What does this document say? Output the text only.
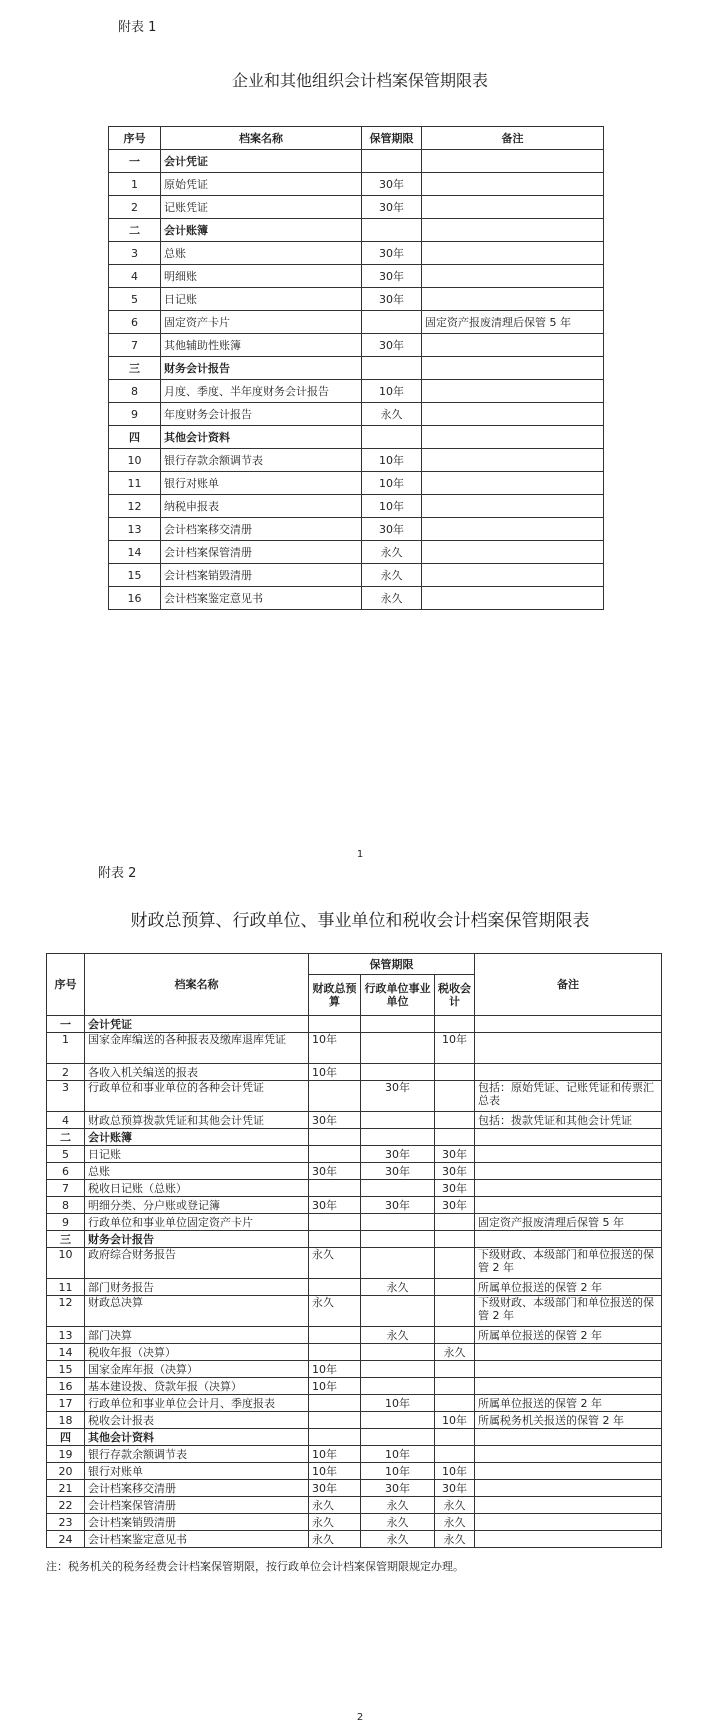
附表 1
企业和其他组织会计档案保管期限表
序号	档案名称	保管期限	备注
一	会计凭证		
1	原始凭证	30年	
2	记账凭证	30年	
二	会计账簿		
3	总账	30年	
4	明细账	30年	
5	日记账	30年	
6	固定资产卡片		固定资产报废清理后保管 5 年
7	其他辅助性账簿	30年	
三	财务会计报告		
8	月度、季度、半年度财务会计报告	10年	
9	年度财务会计报告	永久	
四	其他会计资料		
10	银行存款余额调节表	10年	
11	银行对账单	10年	
12	纳税申报表	10年	
13	会计档案移交清册	30年	
14	会计档案保管清册	永久	
15	会计档案销毁清册	永久	
16	会计档案鉴定意见书	永久	
1
附表 2
财政总预算、行政单位、事业单位和税收会计档案保管期限表
序号	档案名称	保管期限			备注
		财政总预算	行政单位事业单位	税收会计	
一	会计凭证				
1	国家金库编送的各种报表及缴库退库凭证	10年		10年	
2	各收入机关编送的报表	10年			
3	行政单位和事业单位的各种会计凭证		30年		包括：原始凭证、记账凭证和传票汇总表
4	财政总预算拨款凭证和其他会计凭证	30年			包括：拨款凭证和其他会计凭证
二	会计账簿				
5	日记账		30年	30年	
6	总账	30年	30年	30年	
7	税收日记账（总账）			30年	
8	明细分类、分户账或登记簿	30年	30年	30年	
9	行政单位和事业单位固定资产卡片				固定资产报废清理后保管 5 年
三	财务会计报告				
10	政府综合财务报告	永久			下级财政、本级部门和单位报送的保管 2 年
11	部门财务报告		永久		所属单位报送的保管 2 年
12	财政总决算	永久			下级财政、本级部门和单位报送的保管 2 年
13	部门决算		永久		所属单位报送的保管 2 年
14	税收年报（决算）			永久	
15	国家金库年报（决算）	10年			
16	基本建设拨、贷款年报（决算）	10年			
17	行政单位和事业单位会计月、季度报表		10年		所属单位报送的保管 2 年
18	税收会计报表			10年	所属税务机关报送的保管 2 年
四	其他会计资料				
19	银行存款余额调节表	10年	10年		
20	银行对账单	10年	10年	10年	
21	会计档案移交清册	30年	30年	30年	
22	会计档案保管清册	永久	永久	永久	
23	会计档案销毁清册	永久	永久	永久	
24	会计档案鉴定意见书	永久	永久	永久	
注：税务机关的税务经费会计档案保管期限，按行政单位会计档案保管期限规定办理。
2
